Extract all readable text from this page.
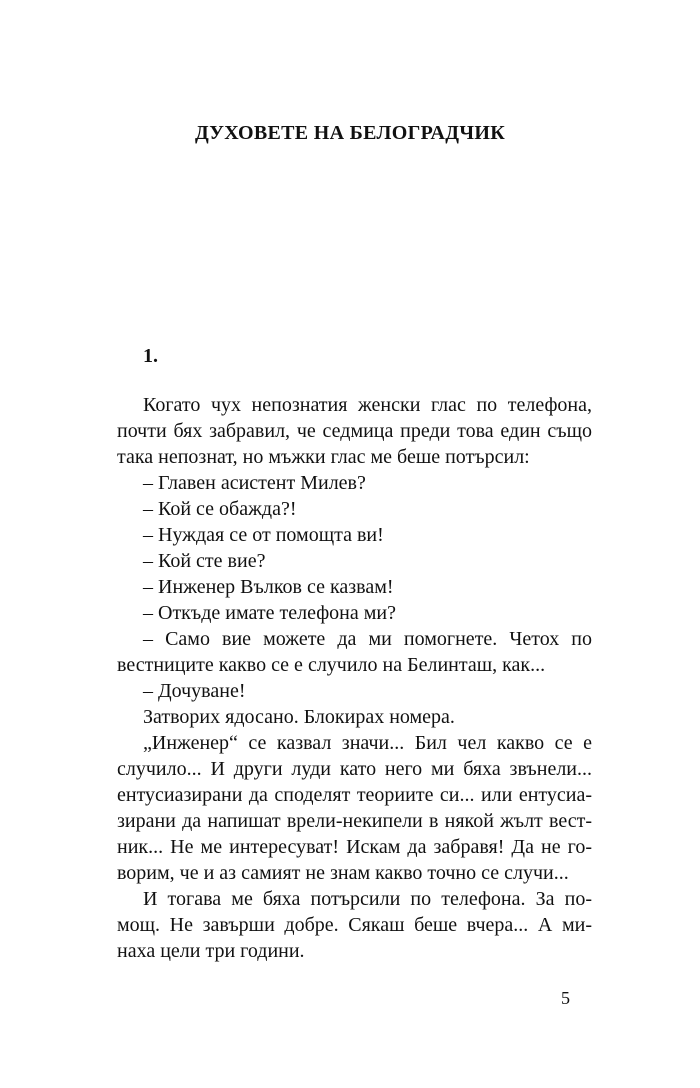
ДУХОВЕТЕ НА БЕЛОГРАДЧИК
1.
Когато чух непознатия женски глас по телефона,
почти бях забравил, че седмица преди това един също
така непознат, но мъжки глас ме беше потърсил:
– Главен асистент Милев?
– Кой се обажда?!
– Нуждая се от помощта ви!
– Кой сте вие?
– Инженер Вълков се казвам!
– Откъде имате телефона ми?
– Само вие можете да ми помогнете. Четох по
вестниците какво се е случило на Белинташ, как...
– Дочуване!
Затворих ядосано. Блокирах номера.
„Инженер“ се казвал значи... Бил чел какво се е
случило... И други луди като него ми бяха звънели...
ентусиазирани да споделят теориите си... или ентусиа-
зирани да напишат врели-некипели в някой жълт вест-
ник... Не ме интересуват! Искам да забравя! Да не го-
ворим, че и аз самият не знам какво точно се случи...
И тогава ме бяха потърсили по телефона. За по-
мощ. Не завърши добре. Сякаш беше вчера... А ми-
наха цели три години.
5
